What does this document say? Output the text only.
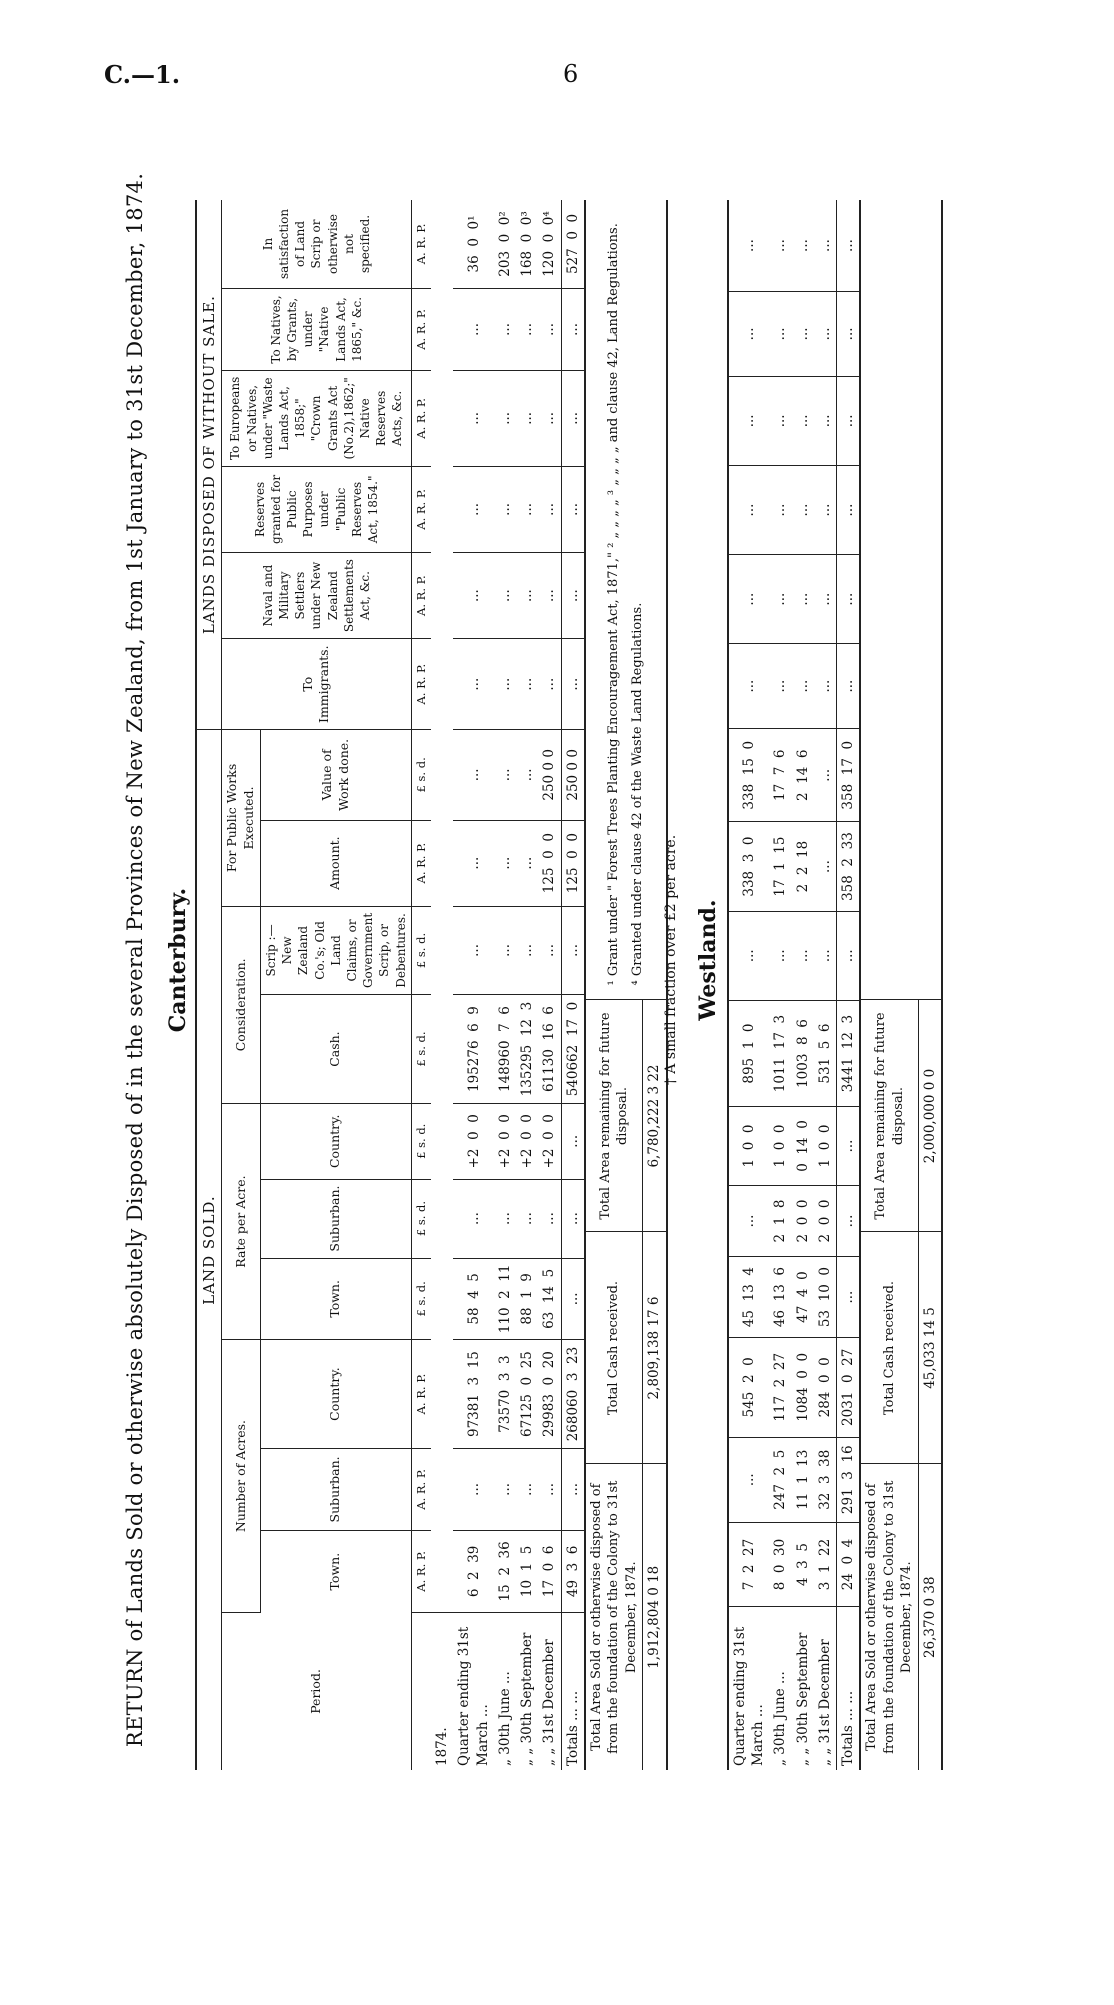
C.—1.	6
RETURN of Lands Sold or otherwise absolutely Disposed of in the several Provinces of New Zealand, from 1st January to 31st December, 1874. Canterbury.
LAND SOLD.											LANDS DISPOSED OF WITHOUT SALE.					
Period.	Number of Acres.			Rate per Acre.			Consideration.		For Public Works Executed.		To Immigrants.	Naval and Military Settlers under New Zealand Settlements Act, &c.	Reserves granted for Public Purposes under "Public Reserves Act, 1854."	To Europeans or Natives, under "Waste Lands Act, 1858;" "Crown Grants Act (No.2),1862;" Native Reserves Acts, &c.	To Natives, by Grants, under "Native Lands Act, 1865," &c.	In satisfaction of Land Scrip or otherwise not specified.
	Town.	Suburban.	Country.	Town.	Suburban.	Country.	Cash.	Scrip :—New Zealand Co.'s; Old Land Claims, or Government Scrip, or Debentures.	Amount.	Value of Work done.						
	A. R. P.	A. R. P.	A. R. P.	£ s. d.	£ s. d.	£ s. d.	£ s. d.	£ s. d.	A. R. P.	£ s. d.	A. R. P.	A. R. P.	A. R. P.	A. R. P.	A. R. P.	A. R. P.
1874.																
Quarter ending 31st March ...	6  2  39	...	97381  3  15	58  4  5	...	+2  0  0	195276  6  9	...	...	...	...	...	...	...	...	36  0  0¹
„ 30th June ...	15  2  36	...	73570  3  3	110  2  11	...	+2  0  0	148960  7  6	...	...	...	...	...	...	...	...	203  0  0²
„ „ 30th September	10  1  5	...	67125  0  25	88  1  9	...	+2  0  0	135295  12  3	...	...	...	...	...	...	...	...	168  0  0³
„ „ 31st December	17  0  6	...	29983  0  20	63  14  5	...	+2  0  0	61130  16  6	...	125  0  0	250 0 0	...	...	...	...	...	120  0  0⁴
Totals ... ...	49  3  6	...	268060  3  23	...	...	...	540662  17  0	...	125  0  0	250 0 0	...	...	...	...	...	527  0  0
Total Area Sold or otherwise disposed of from the foundation of the Colony to 31st December, 1874.	Total Cash received.	Total Area remaining for future disposal.	¹ Grant under " Forest Trees Planting Encouragement Act, 1871," ² „ „ „ „ ³ „ „ „ „ and clause 42, Land Regulations. ⁴ Granted under clause 42 of the Waste Land Regulations.

1,912,804 0 18	2,809,138 17 6	6,780,222 3 22	
† A small fraction over £2 per acre. Westland.
Quarter ending 31st March ...	7  2  27	...	545  2  0	45  13  4	...	1  0  0	895  1  0	...	338  3  0	338  15  0	...	...	...	...	...	...
„ 30th June ...	8  0  30	247  2  5	117  2  27	46  13  6	2  1  8	1  0  0	1011  17  3	...	17  1  15	17  7  6	...	...	...	...	...	...
„ „ 30th September	4  3  5	11  1  13	1084  0  0	47  4  0	2  0  0	0  14  0	1003  8  6	...	2  2  18	2  14  6	...	...	...	...	...	...
„ „ 31st December	3  1  22	32  3  38	284  0  0	53  10  0	2  0  0	1  0  0	531  5  6	...	...	...	...	...	...	...	...	...
Totals ... ...	24  0  4	291  3  16	2031  0  27	...	...	...	3441  12  3	...	358  2  33	358  17  0	...	...	...	...	...	...
Total Area Sold or otherwise disposed of from the foundation of the Colony to 31st December, 1874.	Total Cash received.	Total Area remaining for future disposal.	
26,370 0 38	45,033 14 5	2,000,000 0 0	
